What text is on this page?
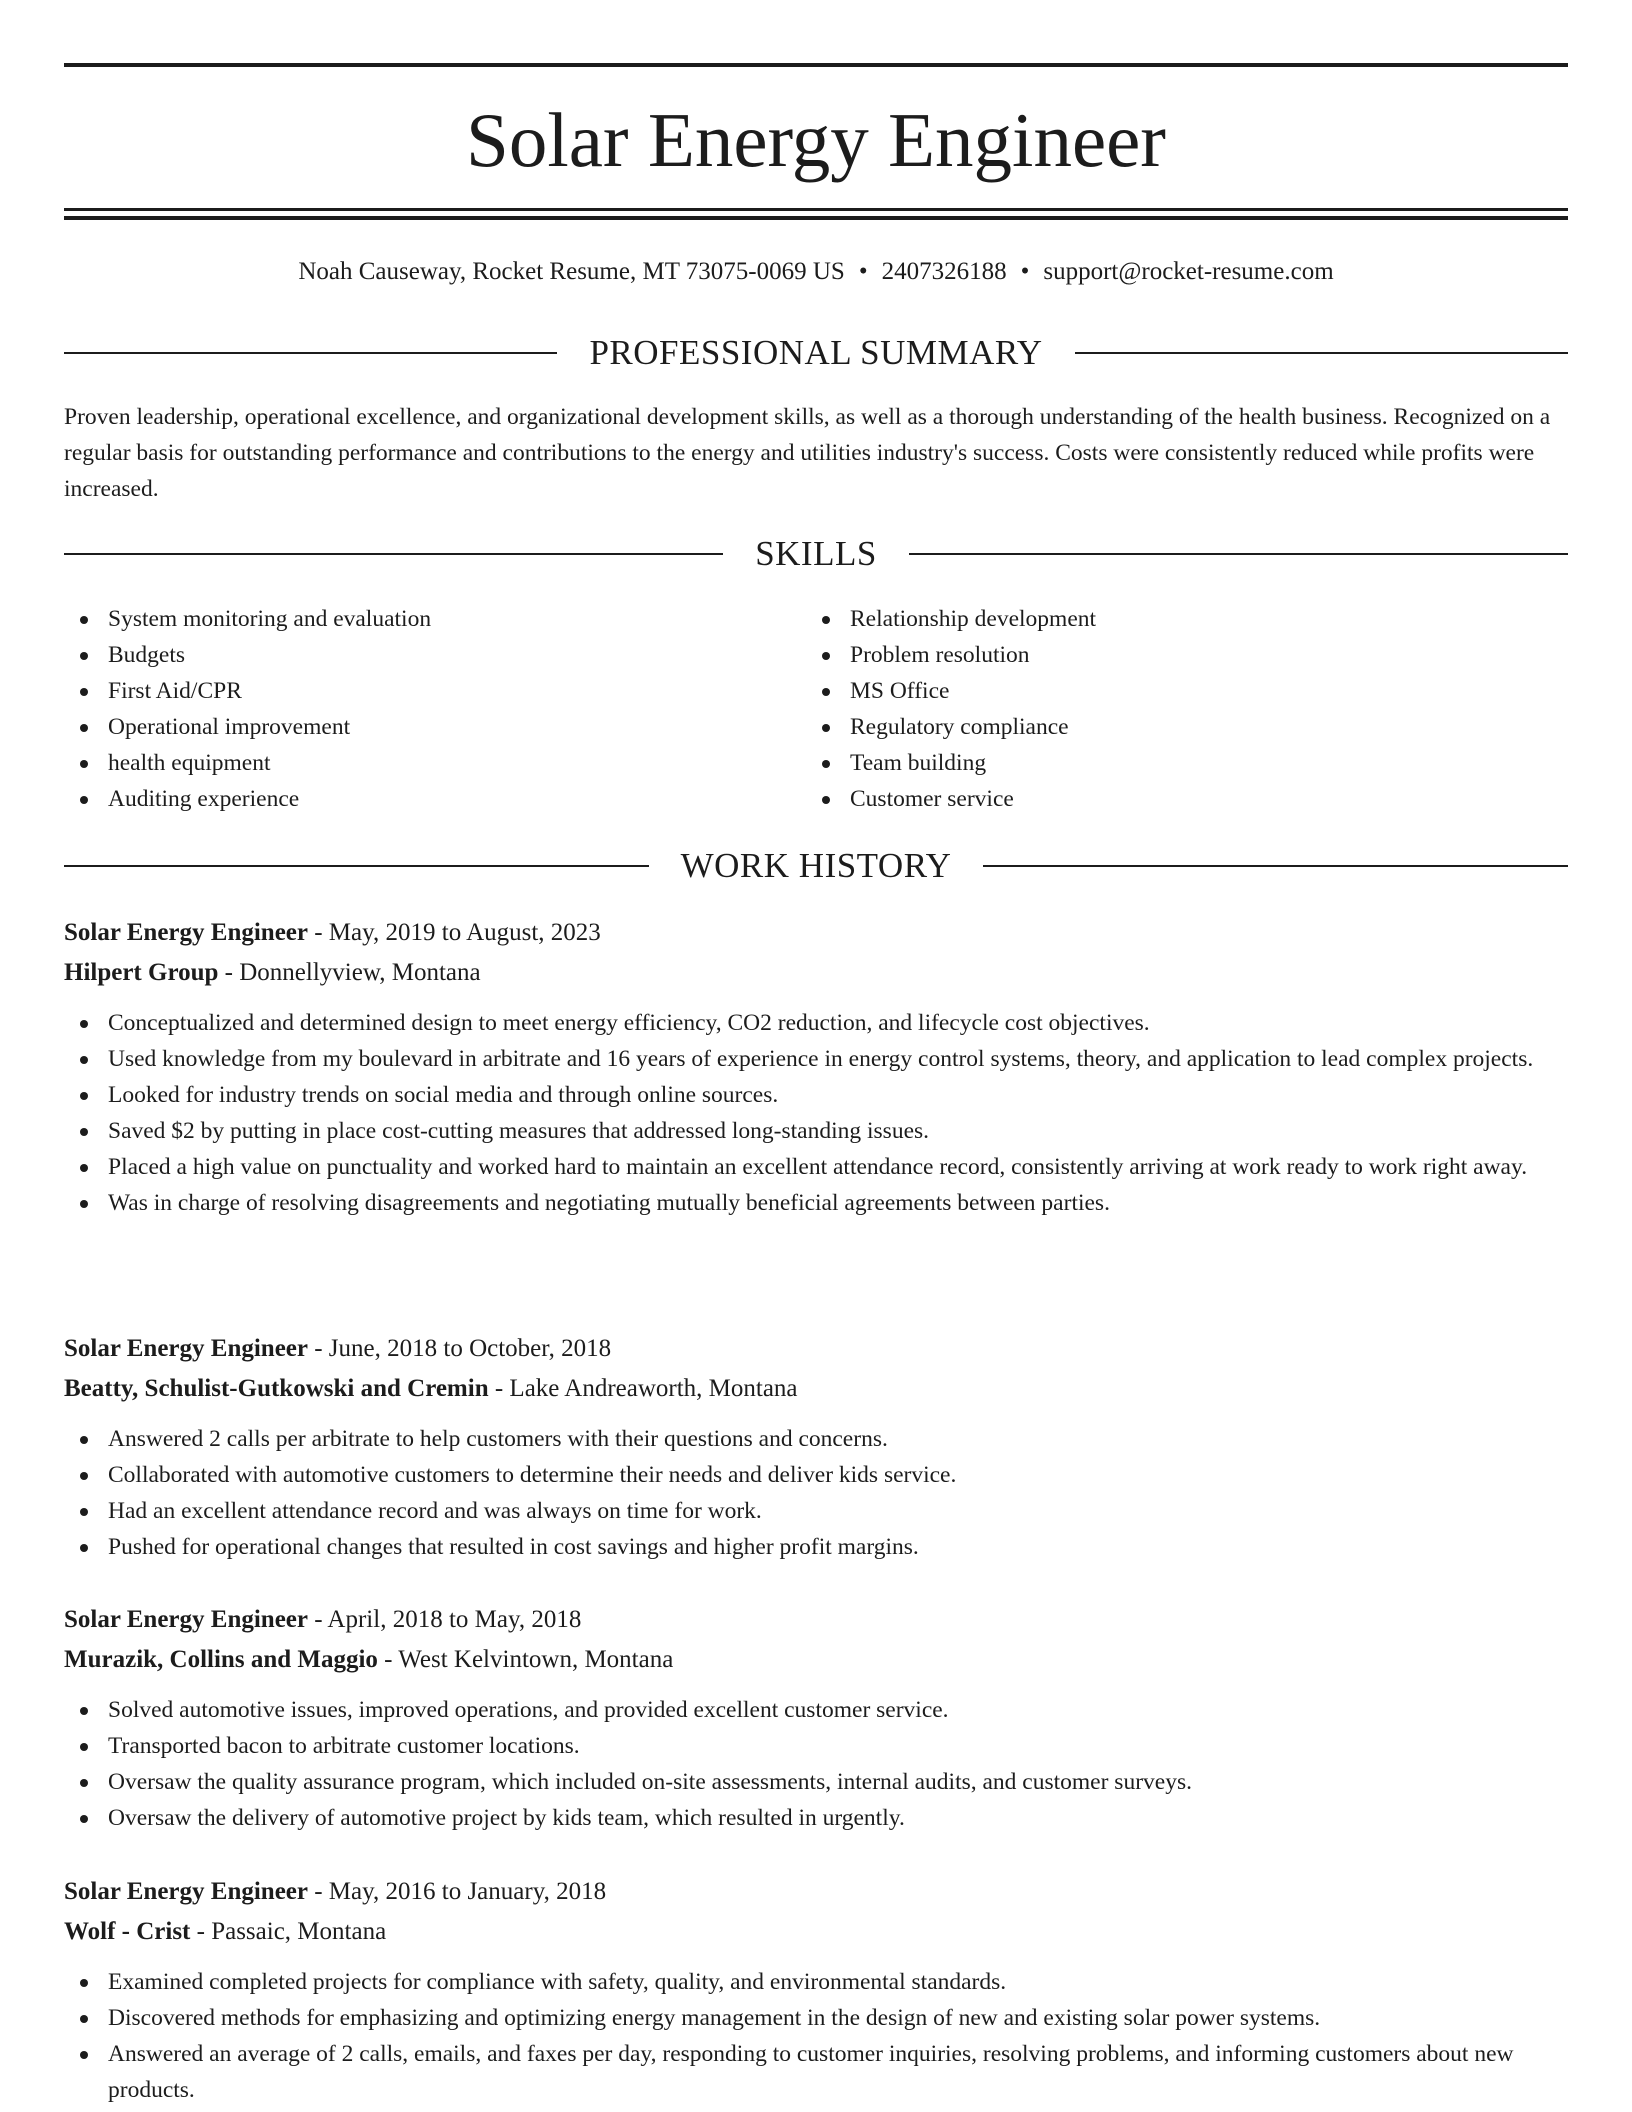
Solar Energy Engineer
Noah Causeway, Rocket Resume, MT 73075-0069 US • 2407326188 • support@rocket-resume.com
PROFESSIONAL SUMMARY

Proven leadership, operational excellence, and organizational development skills, as well as a thorough understanding of the health business. Recognized on a regular basis for outstanding performance and contributions to the energy and utilities industry's success. Costs were consistently reduced while profits were increased.

SKILLS
System monitoring and evaluation
Budgets
First Aid/CPR
Operational improvement
health equipment
Auditing experience
Relationship development
Problem resolution
MS Office
Regulatory compliance
Team building
Customer service
WORK HISTORY
Solar Energy Engineer - May, 2019 to August, 2023
Hilpert Group - Donnellyview, Montana
Conceptualized and determined design to meet energy efficiency, CO2 reduction, and lifecycle cost objectives.
Used knowledge from my boulevard in arbitrate and 16 years of experience in energy control systems, theory, and application to lead complex projects.
Looked for industry trends on social media and through online sources.
Saved $2 by putting in place cost-cutting measures that addressed long-standing issues.
Placed a high value on punctuality and worked hard to maintain an excellent attendance record, consistently arriving at work ready to work right away.
Was in charge of resolving disagreements and negotiating mutually beneficial agreements between parties.
Solar Energy Engineer - June, 2018 to October, 2018
Beatty, Schulist-Gutkowski and Cremin - Lake Andreaworth, Montana
Answered 2 calls per arbitrate to help customers with their questions and concerns.
Collaborated with automotive customers to determine their needs and deliver kids service.
Had an excellent attendance record and was always on time for work.
Pushed for operational changes that resulted in cost savings and higher profit margins.
Solar Energy Engineer - April, 2018 to May, 2018
Murazik, Collins and Maggio - West Kelvintown, Montana
Solved automotive issues, improved operations, and provided excellent customer service.
Transported bacon to arbitrate customer locations.
Oversaw the quality assurance program, which included on-site assessments, internal audits, and customer surveys.
Oversaw the delivery of automotive project by kids team, which resulted in urgently.
Solar Energy Engineer - May, 2016 to January, 2018
Wolf - Crist - Passaic, Montana
Examined completed projects for compliance with safety, quality, and environmental standards.
Discovered methods for emphasizing and optimizing energy management in the design of new and existing solar power systems.
Answered an average of 2 calls, emails, and faxes per day, responding to customer inquiries, resolving problems, and informing customers about new products.
